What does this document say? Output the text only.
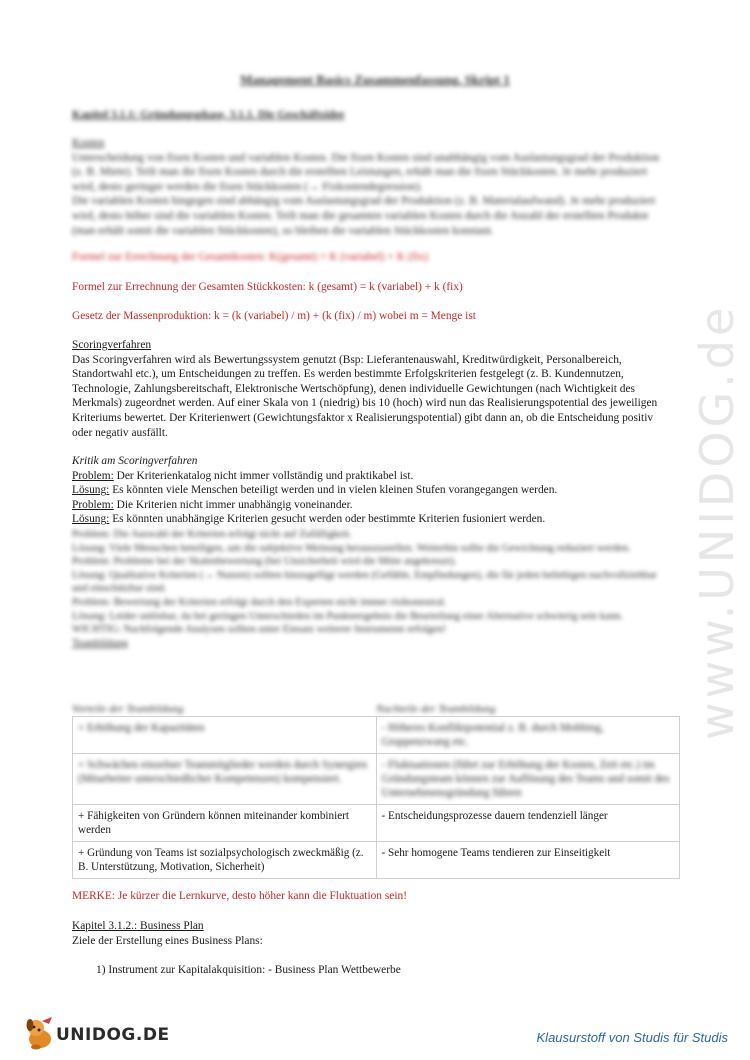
Management Basics Zusammenfassung, Skript 1
Kapitel 3.1.1: Gründungsphase, 3.1.1. Die Geschäftsidee
Kosten
Unterscheidung von fixen Kosten und variablen Kosten. Die fixen Kosten sind unabhängig vom Auslastungsgrad der Produktion (z. B. Miete). Teilt man die fixen Kosten durch die erstellten Leistungen, erhält man die fixen Stückkosten. Je mehr produziert wird, desto geringer werden die fixen Stückkosten (→ Fixkostendegression).
Die variablen Kosten hingegen sind abhängig vom Auslastungsgrad der Produktion (z. B. Materialaufwand). Je mehr produziert wird, desto höher sind die variablen Kosten. Teilt man die gesamten variablen Kosten durch die Anzahl der erstellten Produkte (man erhält somit die variablen Stückkosten), so bleiben die variablen Stückkosten konstant.
Formel zur Errechnung der Gesamtkosten: K(gesamt) = K (variabel) + K (fix)
Formel zur Errechnung der Gesamten Stückkosten: k (gesamt) = k (variabel) + k (fix)
Gesetz der Massenproduktion: k = (k (variabel) / m) + (k (fix) / m) wobei m = Menge ist
Scoringverfahren
Das Scoringverfahren wird als Bewertungssystem genutzt (Bsp: Lieferantenauswahl, Kreditwürdigkeit, Personalbereich, Standortwahl etc.), um Entscheidungen zu treffen. Es werden bestimmte Erfolgskriterien festgelegt (z. B. Kundennutzen, Technologie, Zahlungsbereitschaft, Elektronische Wertschöpfung), denen individuelle Gewichtungen (nach Wichtigkeit des Merkmals) zugeordnet werden. Auf einer Skala von 1 (niedrig) bis 10 (hoch) wird nun das Realisierungspotential des jeweiligen Kriteriums bewertet. Der Kriterienwert (Gewichtungsfaktor x Realisierungspotential) gibt dann an, ob die Entscheidung positiv oder negativ ausfällt.
Kritik am Scoringverfahren
Problem: Der Kriterienkatalog nicht immer vollständig und praktikabel ist.
Lösung: Es könnten viele Menschen beteiligt werden und in vielen kleinen Stufen vorangegangen werden.
Problem: Die Kriterien nicht immer unabhängig voneinander.
Lösung: Es könnten unabhängige Kriterien gesucht werden oder bestimmte Kriterien fusioniert werden.
Problem: Die Auswahl der Kriterien erfolgt nicht auf Zufälligkeit.
Lösung: Viele Menschen beteiligen, um die subjektive Meinung herauszustellen. Weiterhin sollte die Gewichtung reduziert werden.
Problem: Probleme bei der Skalenbewertung (bei Unsicherheit wird die Mitte angekreuzt).
Lösung: Qualitative Kriterien (→ Nutzen) sollten hinzugefügt werden (Gefühle, Empfindungen), die für jeden beliebigen nachvollziehbar und einschätzbar sind.
Problem: Bewertung der Kriterien erfolgt durch den Experten nicht immer risikoneutral.
Lösung: Leider unlösbar, da bei geringen Unterschieden im Punkteergebnis die Beurteilung einer Alternative schwierig sein kann.
WICHTIG: Nachfolgende Analysen sollten unter Einsatz weiterer Instrumente erfolgen!
Teambildung
Vorteile der Teambildung	Nachteile der Teambildung
+ Erhöhung der Kapazitäten	- Höheres Konfliktpotential z. B. durch Mobbing, Gruppenzwang etc.
+ Schwächen einzelner Teammitglieder werden durch Synergien (Mitarbeiter unterschiedlicher Kompetenzen) kompensiert.	- Fluktuationen (führt zur Erhöhung der Kosten, Zeit etc.) im Gründungsteam können zur Auflösung des Teams und somit des Unternehmensgründung führen
+ Fähigkeiten von Gründern können miteinander kombiniert werden	- Entscheidungsprozesse dauern tendenziell länger
+ Gründung von Teams ist sozialpsychologisch zweckmäßig (z. B. Unterstützung, Motivation, Sicherheit)	- Sehr homogene Teams tendieren zur Einseitigkeit
MERKE: Je kürzer die Lernkurve, desto höher kann die Fluktuation sein!
Kapitel 3.1.2.: Business Plan
Ziele der Erstellung eines Business Plans:
1) Instrument zur Kapitalakquisition: - Business Plan Wettbewerbe
www.UNIDOG.de
UNIDOG.DE	Klausurstoff von Studis für Studis
